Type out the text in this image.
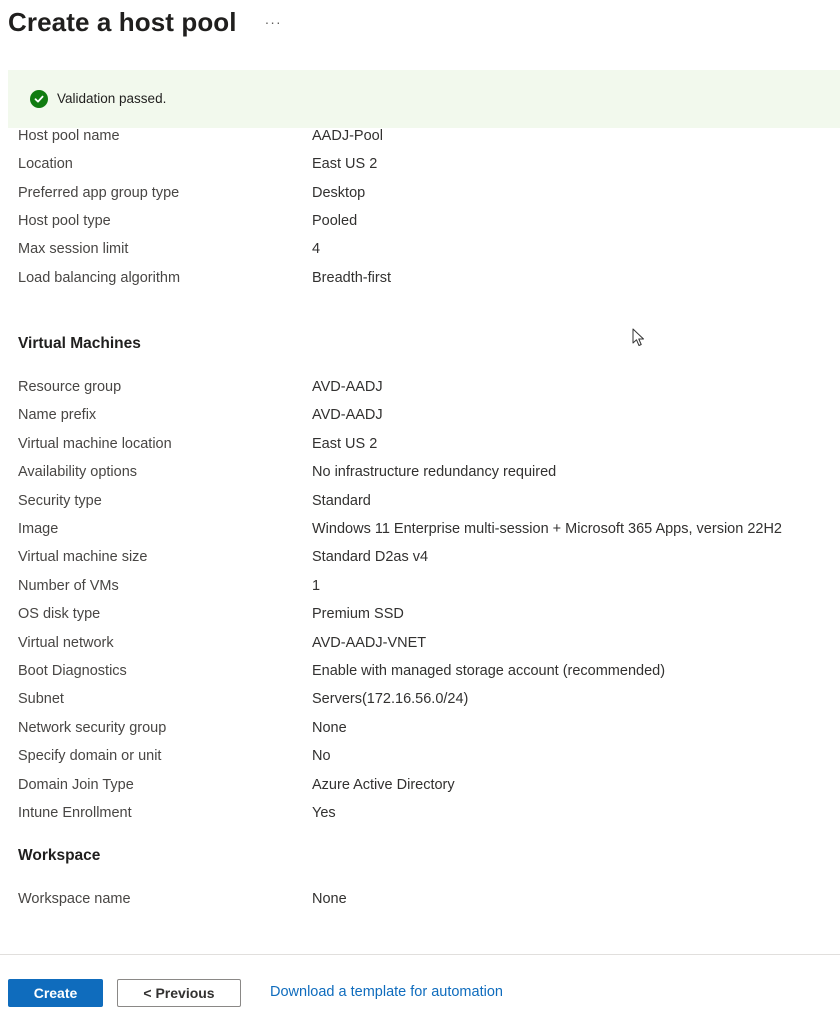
Create a host pool ···
Validation passed.
Host pool name	AADJ-Pool
Location	East US 2
Preferred app group type	Desktop
Host pool type	Pooled
Max session limit	4
Load balancing algorithm	Breadth-first
Virtual Machines
Resource group	AVD-AADJ
Name prefix	AVD-AADJ
Virtual machine location	East US 2
Availability options	No infrastructure redundancy required
Security type	Standard
Image	Windows 11 Enterprise multi-session + Microsoft 365 Apps, version 22H2
Virtual machine size	Standard D2as v4
Number of VMs	1
OS disk type	Premium SSD
Virtual network	AVD-AADJ-VNET
Boot Diagnostics	Enable with managed storage account (recommended)
Subnet	Servers(172.16.56.0/24)
Network security group	None
Specify domain or unit	No
Domain Join Type	Azure Active Directory
Intune Enrollment	Yes
Workspace
Workspace name	None
Create	< Previous	Download a template for automation
